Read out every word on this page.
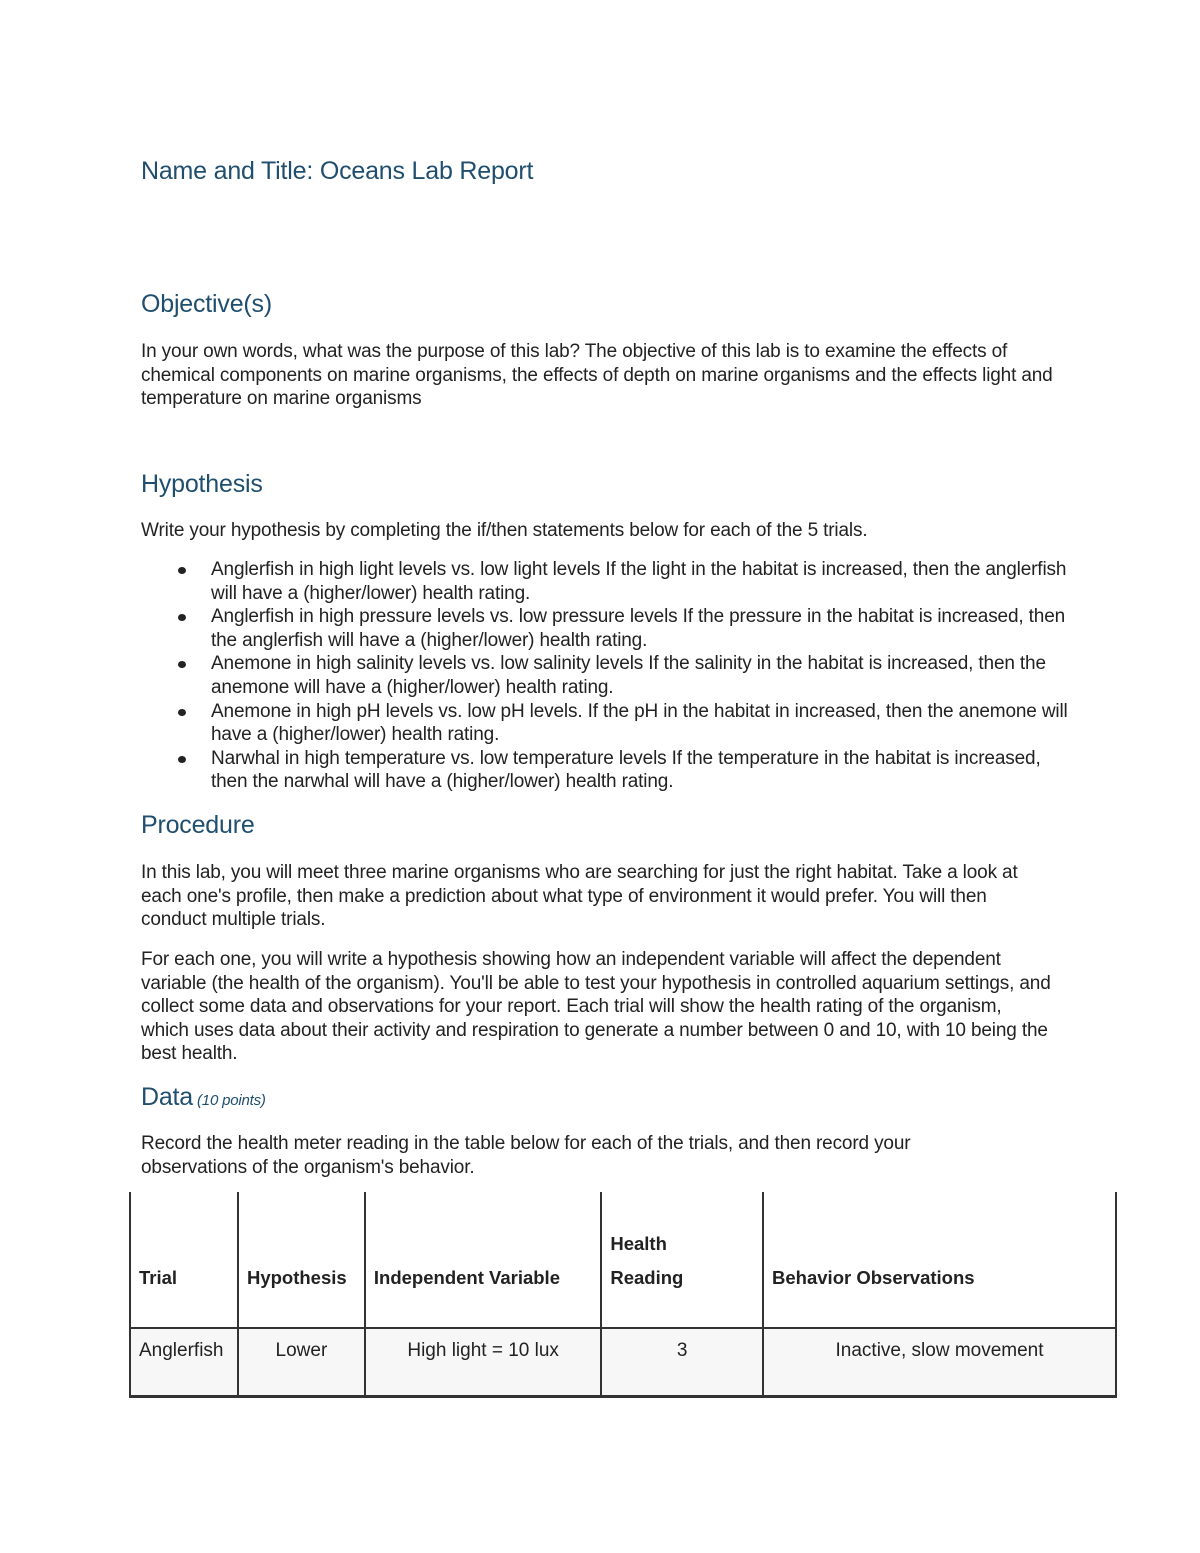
Name and Title: Oceans Lab Report
Objective(s)

In your own words, what was the purpose of this lab? The objective of this lab is to examine the effects of chemical components on marine organisms, the effects of depth on marine organisms and the effects light and temperature on marine organisms

Hypothesis

Write your hypothesis by completing the if/then statements below for each of the 5 trials.

Anglerfish in high light levels vs. low light levels If the light in the habitat is increased, then the anglerfish will have a (higher/lower) health rating.
Anglerfish in high pressure levels vs. low pressure levels If the pressure in the habitat is increased, then the anglerfish will have a (higher/lower) health rating.
Anemone in high salinity levels vs. low salinity levels If the salinity in the habitat is increased, then the anemone will have a (higher/lower) health rating.
Anemone in high pH levels vs. low pH levels. If the pH in the habitat in increased, then the anemone will have a (higher/lower) health rating.
Narwhal in high temperature vs. low temperature levels If the temperature in the habitat is increased, then the narwhal will have a (higher/lower) health rating.
Procedure

In this lab, you will meet three marine organisms who are searching for just the right habitat. Take a look at each one's profile, then make a prediction about what type of environment it would prefer. You will then conduct multiple trials.

For each one, you will write a hypothesis showing how an independent variable will affect the dependent variable (the health of the organism). You'll be able to test your hypothesis in controlled aquarium settings, and collect some data and observations for your report. Each trial will show the health rating of the organism, which uses data about their activity and respiration to generate a number between 0 and 10, with 10 being the best health.

Data (10 points)

Record the health meter reading in the table below for each of the trials, and then record your observations of the organism's behavior.

Trial	Hypothesis	Independent Variable	Health Reading	Behavior Observations
Anglerfish	Lower	High light = 10 lux	3	Inactive, slow movement
